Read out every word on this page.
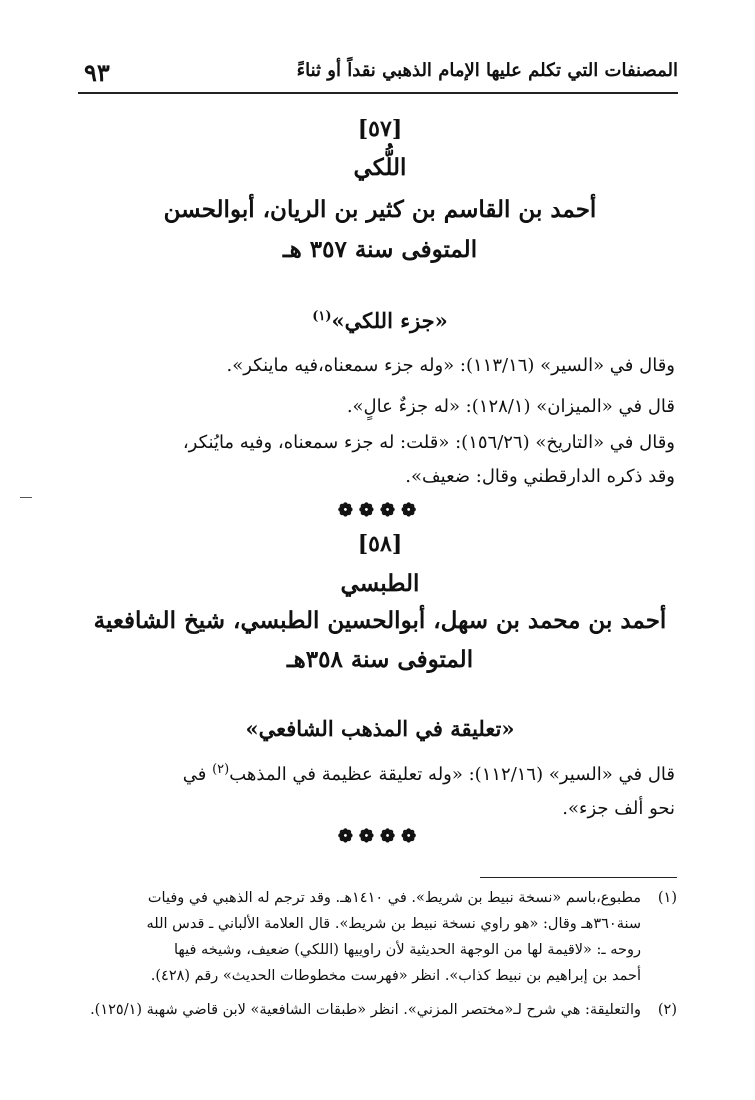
المصنفات التي تكلم عليها الإمام الذهبي نقداً أو ثناءً
٩٣
[٥٧]
اللُّكي
أحمد بن القاسم بن كثير بن الريان، أبوالحسن
المتوفى سنة ٣٥٧ هـ
«جزء اللكي»$^{(١)}$
وقال في «السير» (١١٣/١٦): «وله جزء سمعناه،فيه ماينكر».
قال في «الميزان» (١٢٨/١): «له جزءٌ عالٍ».
وقال في «التاريخ» (١٥٦/٢٦): «قلت: له جزء سمعناه، وفيه مايُنكر،
وقد ذكره الدارقطني وقال: ضعيف».
❁❁❁❁
[٥٨]
الطبسي
أحمد بن محمد بن سهل، أبوالحسين الطبسي، شيخ الشافعية
المتوفى سنة ٣٥٨هـ
«تعليقة في المذهب الشافعي»
قال في «السير» (١١٢/١٦): «وله تعليقة عظيمة في المذهب$^{(٢)}$ في
نحو ألف جزء».
❁❁❁❁
(١)
مطبوع،باسم «نسخة نبيط بن شريط». في ١٤١٠هـ. وقد ترجم له الذهبي في وفيات
سنة٣٦٠هـ وقال: «هو راوي نسخة نبيط بن شريط». قال العلامة الألباني ـ قدس الله
روحه ـ: «لاقيمة لها من الوجهة الحديثية لأن راوييها (اللكي) ضعيف، وشيخه فيها
أحمد بن إبراهيم بن نبيط كذاب». انظر «فهرست مخطوطات الحديث» رقم (٤٢٨).
(٢)
والتعليقة: هي شرح لـ«مختصر المزني». انظر «طبقات الشافعية» لابن قاضي شهبة (١٢٥/١).
